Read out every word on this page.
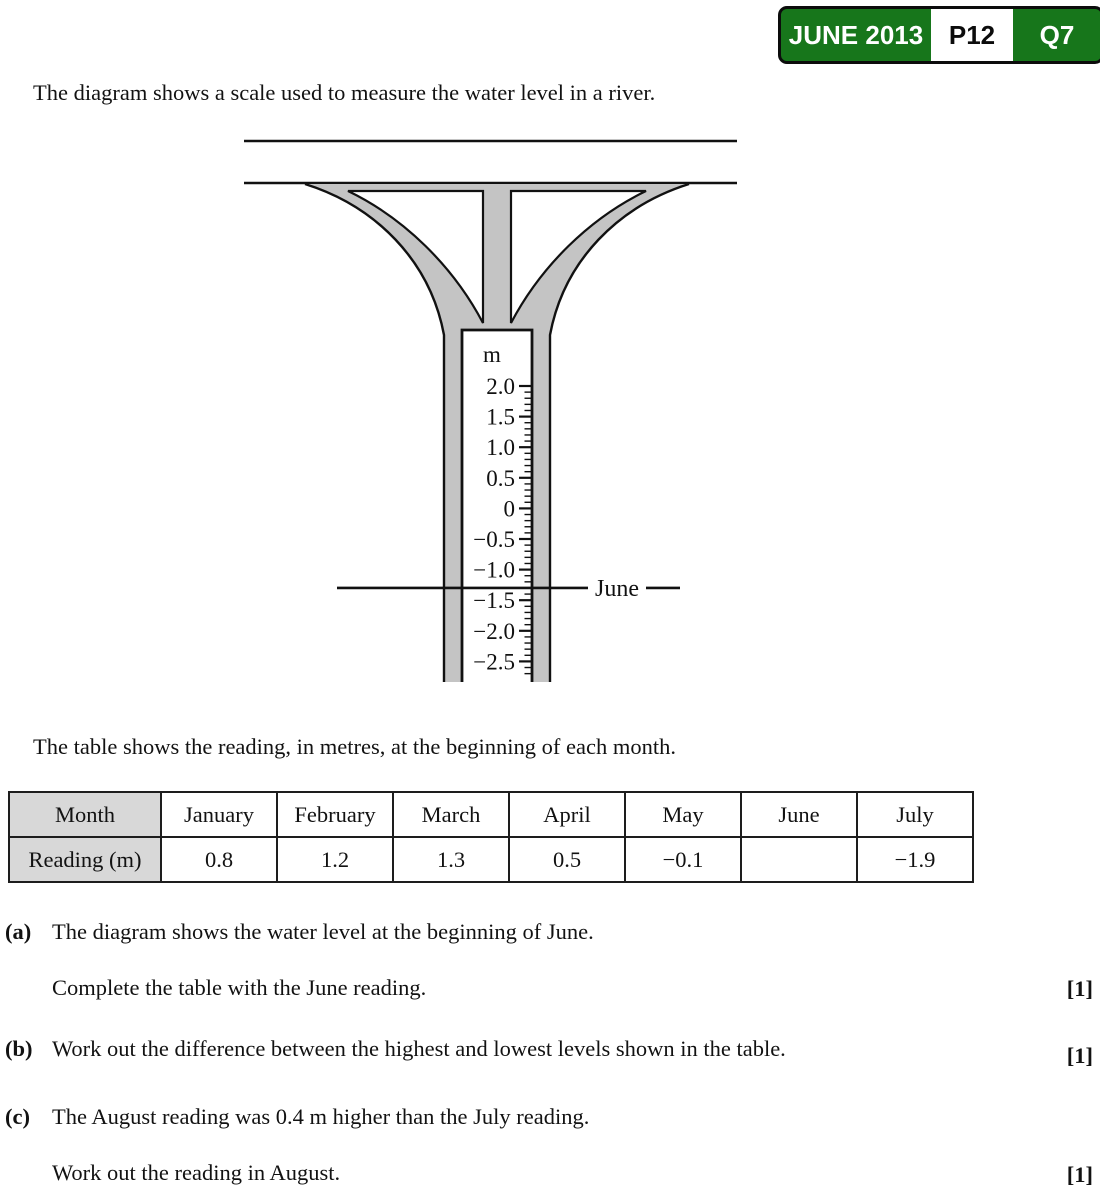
JUNE 2013 P12	Q7

The diagram shows a scale used to measure the water level in a river.

m
2.0
1.5
1.0
0.5
0
−0.5
−1.0
−1.5
−2.0
−2.5
June

The table shows the reading, in metres, at the beginning of each month.

Month	January	February	March	April	May	June	July
Reading (m)	0.8	1.2	1.3	0.5	−0.1		−1.9

(a) The diagram shows the water level at the beginning of June.

Complete the table with the June reading.	[1]

(b) Work out the difference between the highest and lowest levels shown in the table.	[1]

(c) The August reading was 0.4 m higher than the July reading.

Work out the reading in August.	[1]
